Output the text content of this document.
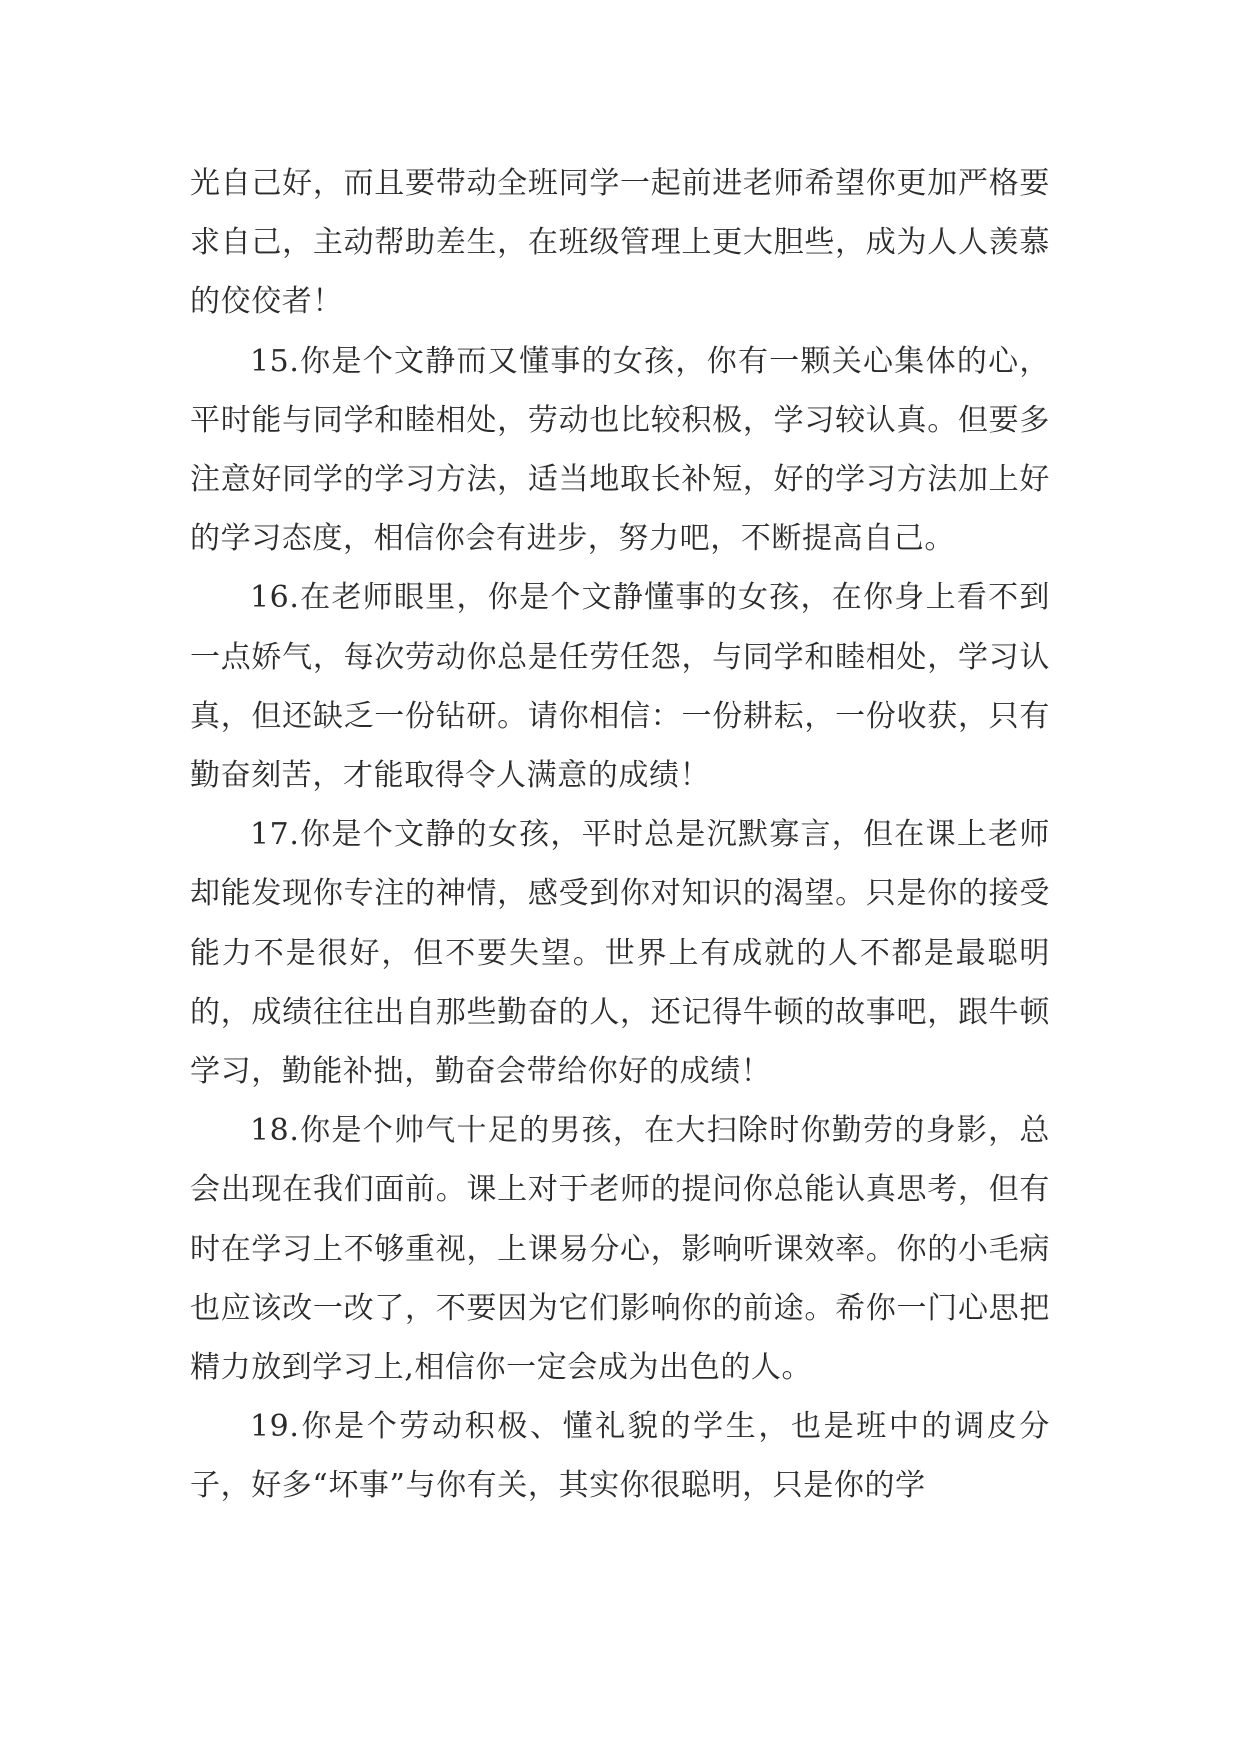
光自己好，而且要带动全班同学一起前进老师希望你更加严格要求自己，主动帮助差生，在班级管理上更大胆些，成为人人羡慕的佼佼者！

15.你是个文静而又懂事的女孩，你有一颗关心集体的心，平时能与同学和睦相处，劳动也比较积极，学习较认真。但要多注意好同学的学习方法，适当地取长补短，好的学习方法加上好的学习态度，相信你会有进步，努力吧，不断提高自己。

16.在老师眼里，你是个文静懂事的女孩，在你身上看不到一点娇气，每次劳动你总是任劳任怨，与同学和睦相处，学习认真，但还缺乏一份钻研。请你相信：一份耕耘，一份收获，只有勤奋刻苦，才能取得令人满意的成绩！

17.你是个文静的女孩，平时总是沉默寡言，但在课上老师却能发现你专注的神情，感受到你对知识的渴望。只是你的接受能力不是很好，但不要失望。世界上有成就的人不都是最聪明的，成绩往往出自那些勤奋的人，还记得牛顿的故事吧，跟牛顿学习，勤能补拙，勤奋会带给你好的成绩！

18.你是个帅气十足的男孩，在大扫除时你勤劳的身影，总会出现在我们面前。课上对于老师的提问你总能认真思考，但有时在学习上不够重视，上课易分心，影响听课效率。你的小毛病也应该改一改了，不要因为它们影响你的前途。希你一门心思把精力放到学习上,相信你一定会成为出色的人。

19.你是个劳动积极、懂礼貌的学生，也是班中的调皮分子，好多“坏事”与你有关，其实你很聪明，只是你的学
